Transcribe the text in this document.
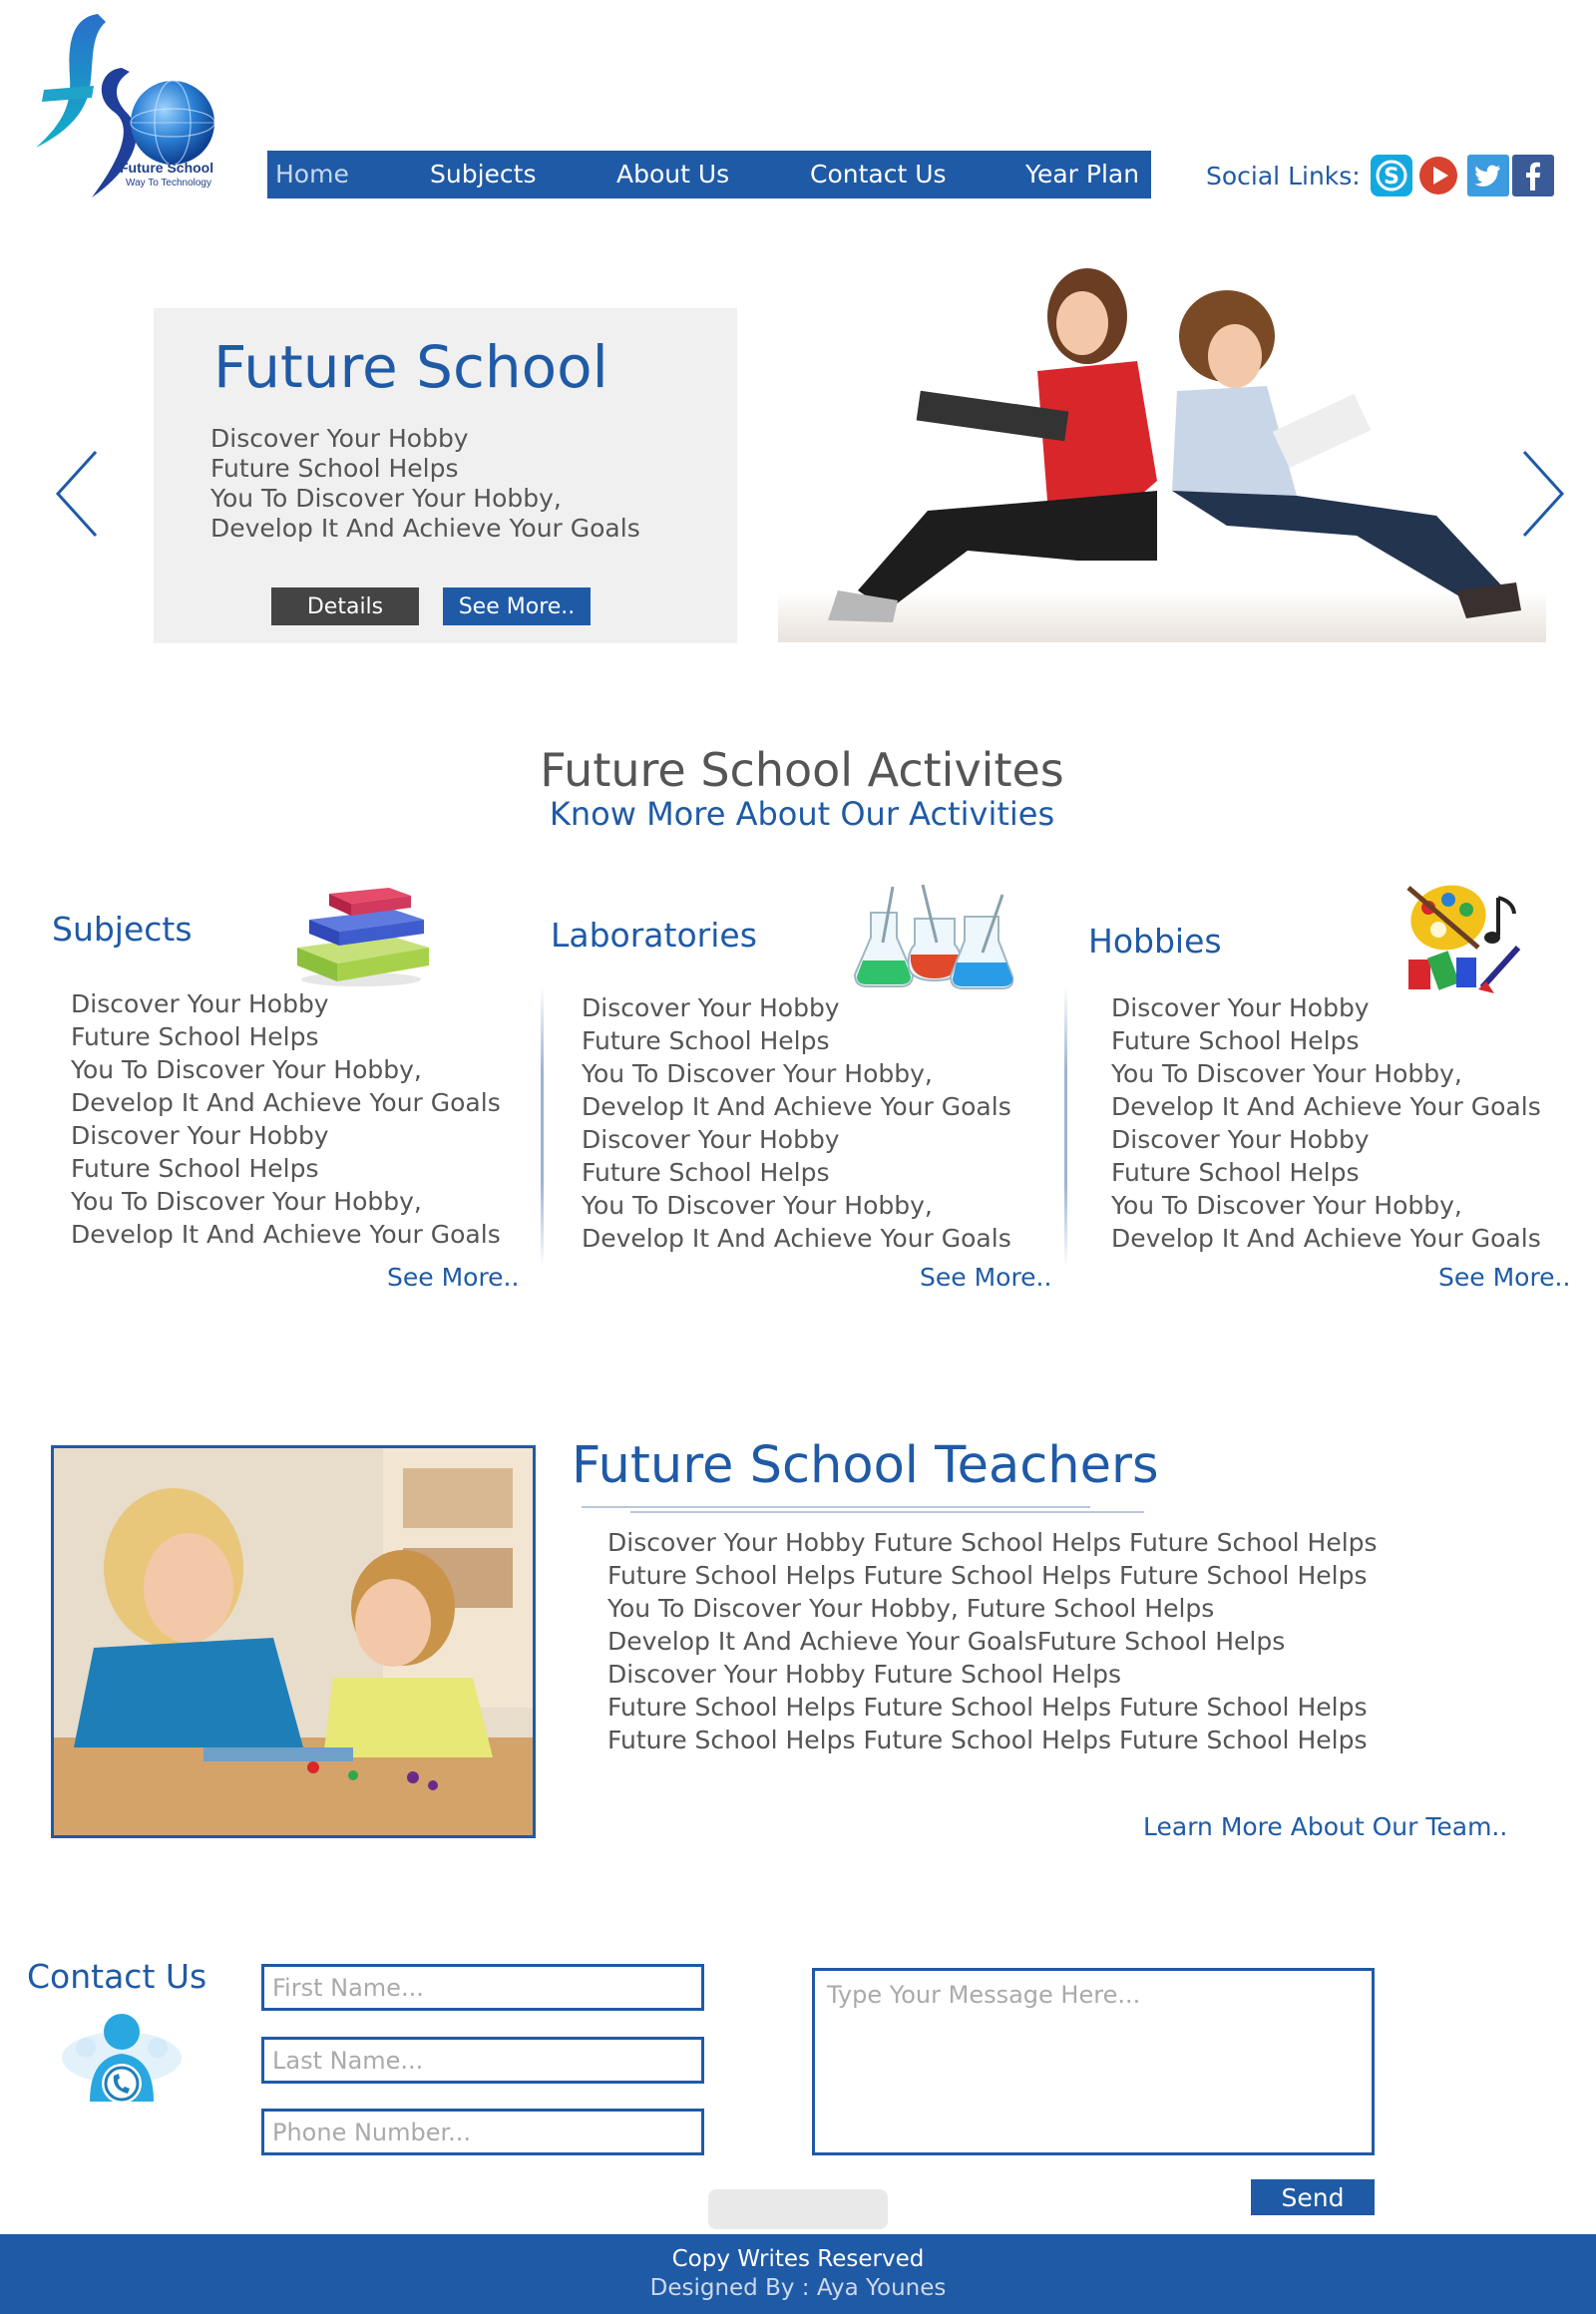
Future School
Way To Technology	Home	Subjects	About Us	Contact Us	Year Plan	Social Links: S
Future School
Discover Your Hobby
Future School Helps
You To Discover Your Hobby,
Develop It And Achieve Your Goals
Details	See More..
Future School Activites
Know More About Our Activities
Subjects
Discover Your Hobby
Future School Helps
You To Discover Your Hobby,
Develop It And Achieve Your Goals
Discover Your Hobby
Future School Helps
You To Discover Your Hobby,
Develop It And Achieve Your Goals
See More..
Laboratories
Discover Your Hobby
Future School Helps
You To Discover Your Hobby,
Develop It And Achieve Your Goals
Discover Your Hobby
Future School Helps
You To Discover Your Hobby,
Develop It And Achieve Your Goals
See More..
Hobbies
Discover Your Hobby
Future School Helps
You To Discover Your Hobby,
Develop It And Achieve Your Goals
Discover Your Hobby
Future School Helps
You To Discover Your Hobby,
Develop It And Achieve Your Goals
See More..
Future School Teachers
Discover Your Hobby Future School Helps Future School Helps
Future School Helps Future School Helps Future School Helps
You To Discover Your Hobby, Future School Helps
Develop It And Achieve Your GoalsFuture School Helps
Discover Your Hobby Future School Helps
Future School Helps Future School Helps Future School Helps
Future School Helps Future School Helps Future School Helps
Learn More About Our Team..
Contact Us
First Name...
Last Name...
Phone Number...
Type Your Message Here...
Send
Copy Writes Reserved
Designed By : Aya Younes
